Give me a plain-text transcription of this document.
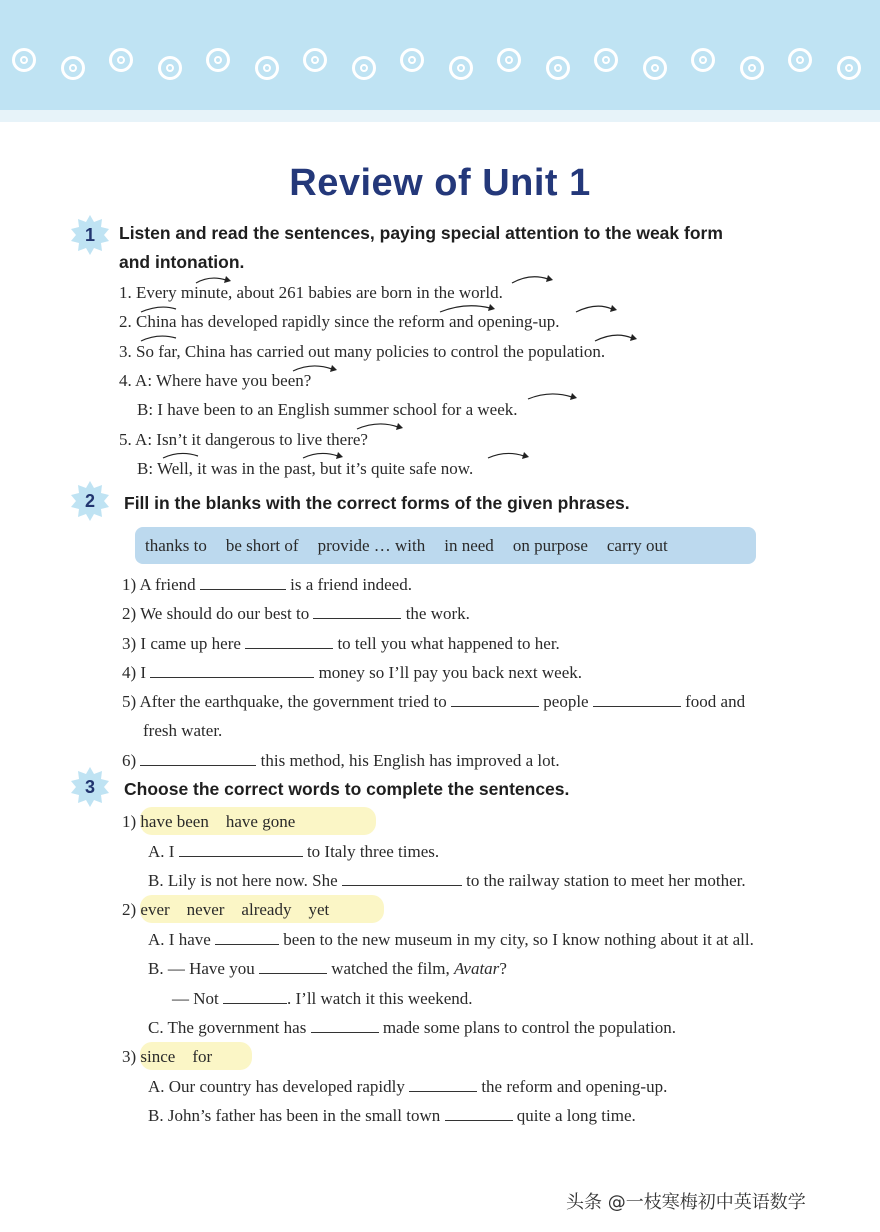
Review of Unit 1
1 Listen and read the sentences, paying special attention to the weak form
and intonation.
1. Every minute, about 261 babies are born in the world.
2. China has developed rapidly since the reform and opening-up.
3. So far, China has carried out many policies to control the population.
4. A: Where have you been?
B: I have been to an English summer school for a week.
5. A: Isn’t it dangerous to live there?
B: Well, it was in the past, but it’s quite safe now.
2 Fill in the blanks with the correct forms of the given phrases.
thanks to be short of provide … with in need on purpose carry out
1) A friend	is a friend indeed.
2) We should do our best to	the work.
3) I came up here	to tell you what happened to her.
4) I	money so I’ll pay you back next week.
5) After the earthquake, the government tried to	people	food and
fresh water.
6)	this method, his English has improved a lot.
3 Choose the correct words to complete the sentences.
1) have been    have gone
A. I	to Italy three times.
B. Lily is not here now. She	to the railway station to meet her mother.
2) ever    never    already    yet
A. I have	been to the new museum in my city, so I know nothing about it at all.
B. — Have you	watched the film, Avatar?
— Not	. I’ll watch it this weekend.
C. The government has	made some plans to control the population.
3) since    for
A. Our country has developed rapidly	the reform and opening-up.
B. John’s father has been in the small town	quite a long time.
头条 @一枝寒梅初中英语数学
